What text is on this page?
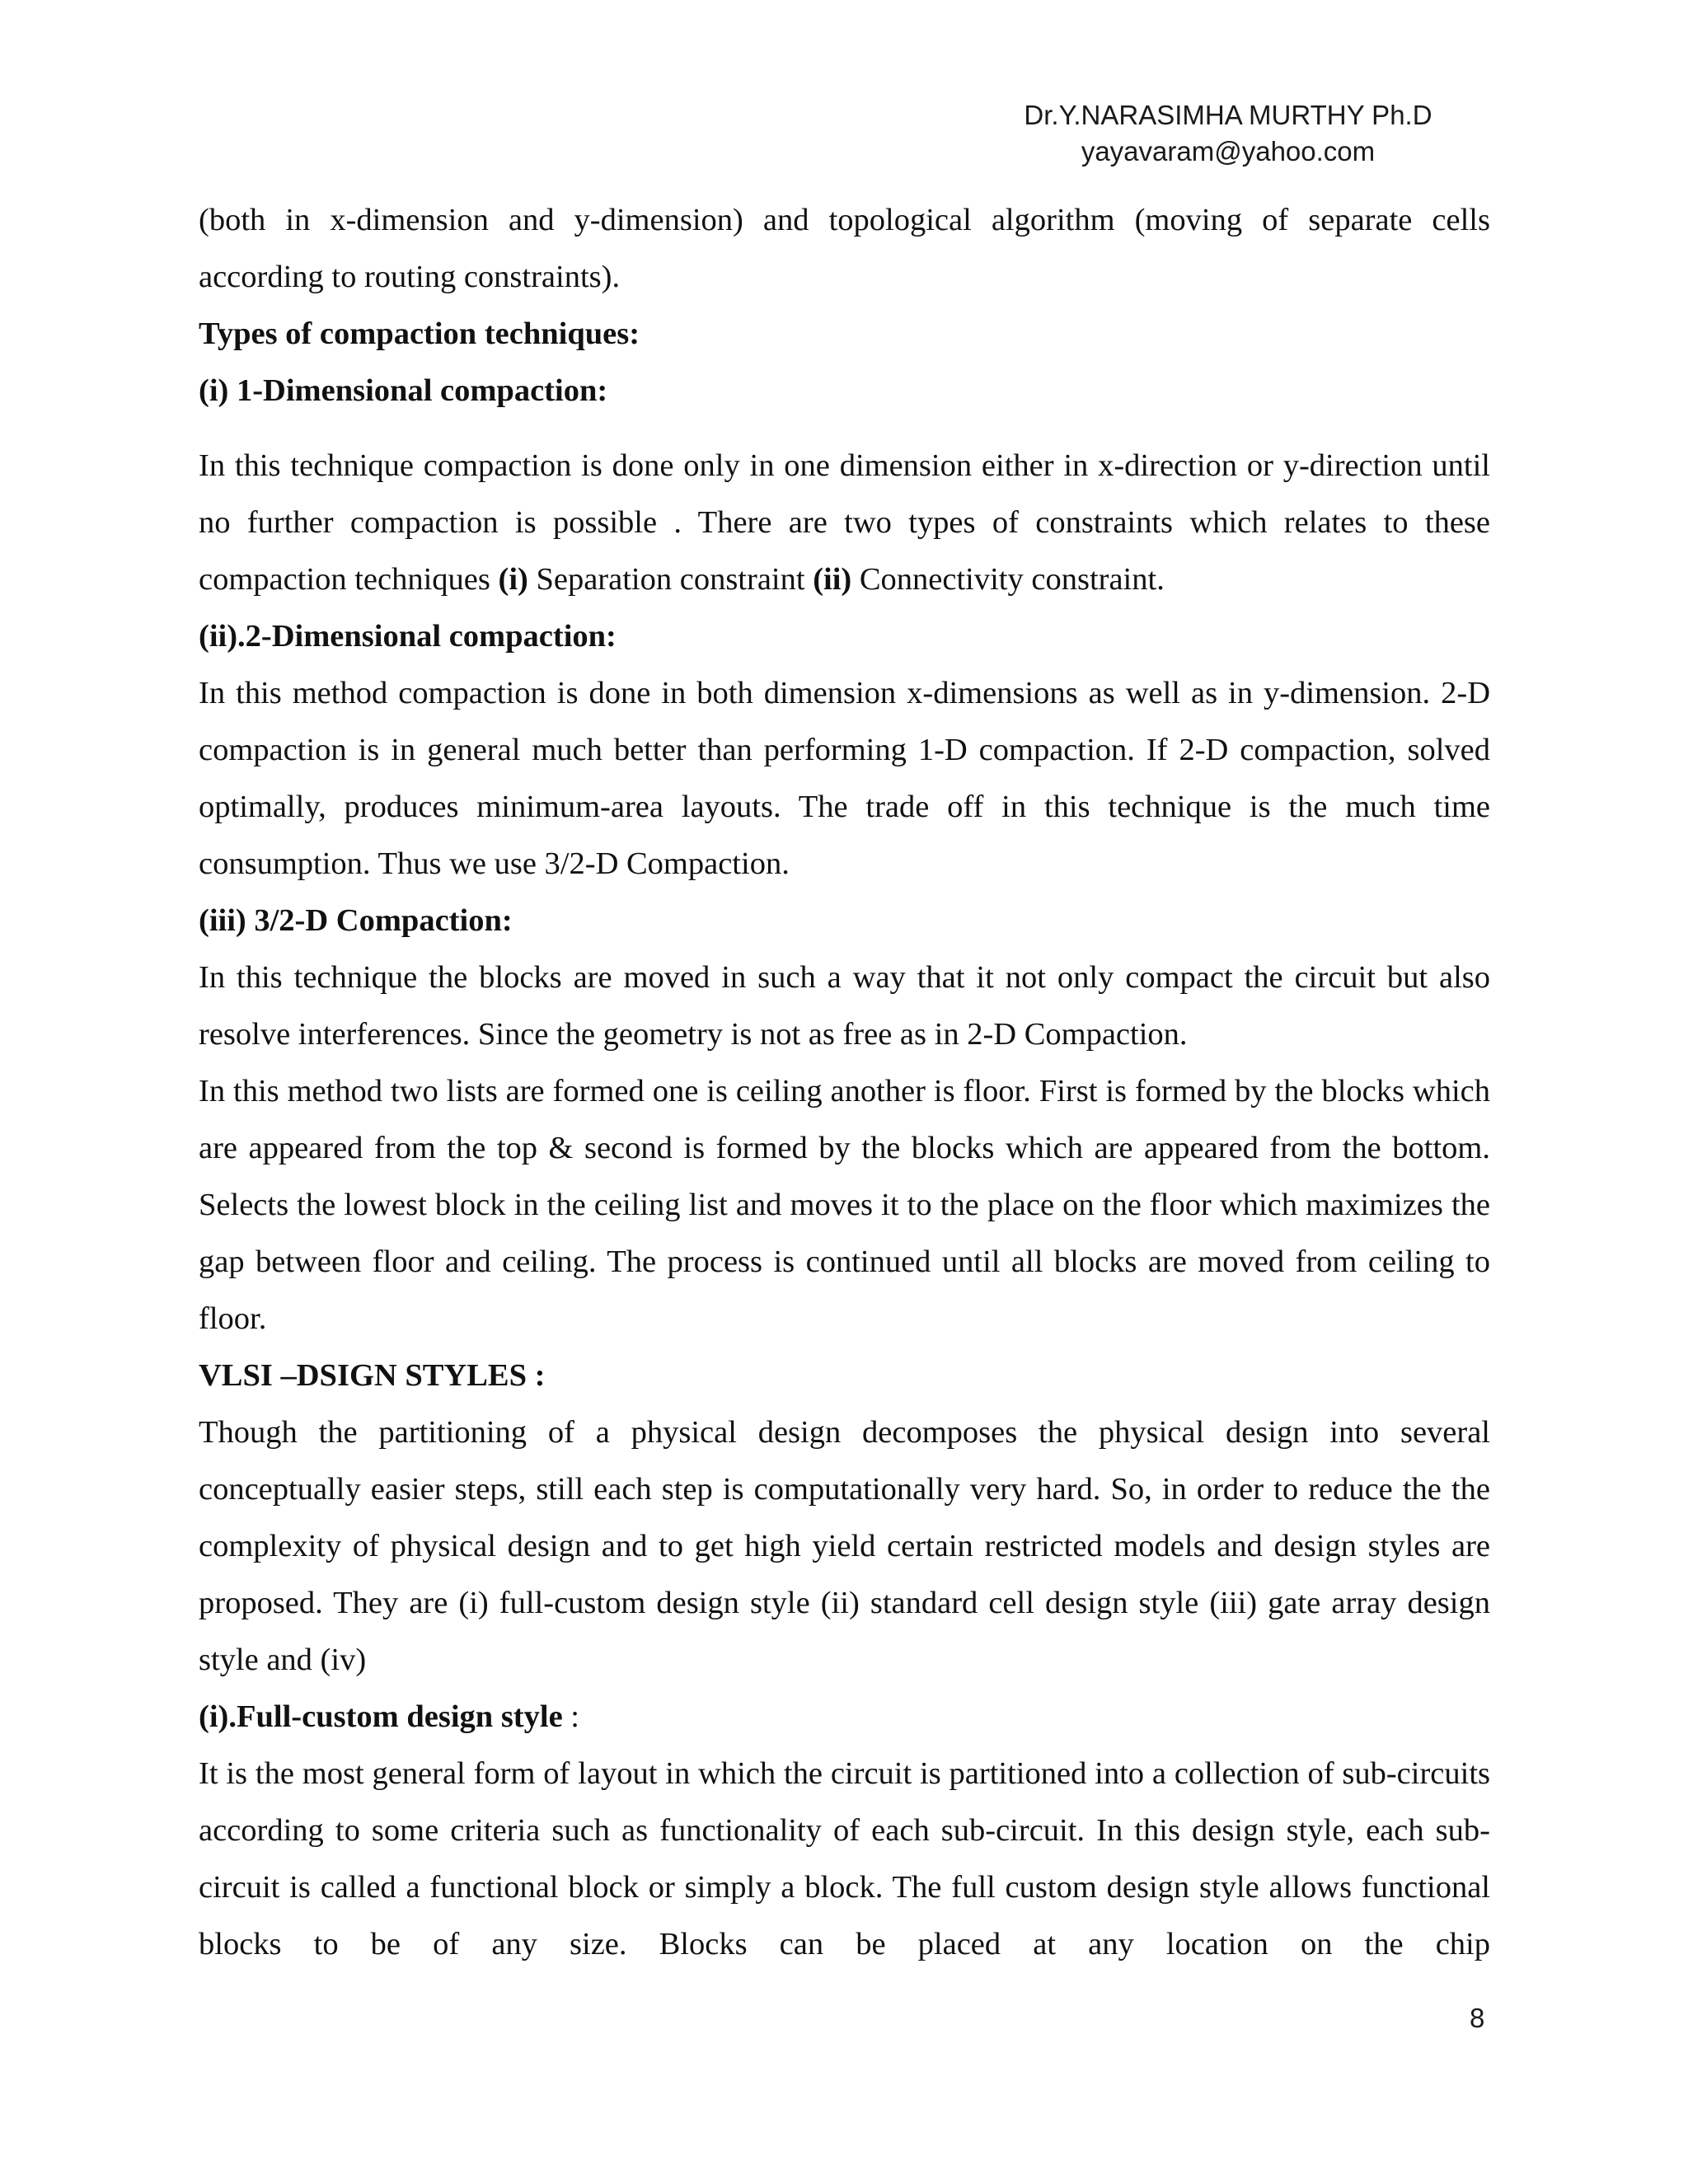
Dr.Y.NARASIMHA MURTHY Ph.D
yayavaram@yahoo.com

(both in x-dimension and y-dimension) and topological algorithm (moving of separate cells according to routing constraints).

Types of compaction techniques:
(i) 1-Dimensional compaction:

In this technique compaction is done only in one dimension either in x-direction or y-direction until no further compaction is possible . There are two types of constraints which relates to these compaction techniques (i) Separation constraint (ii) Connectivity constraint.

(ii).2-Dimensional compaction:

In this method compaction is done in both dimension x-dimensions as well as in y-dimension. 2-D compaction is in general much better than performing 1-D compaction. If 2-D compaction, solved optimally, produces minimum-area layouts. The trade off in this technique is the much time consumption. Thus we use 3/2-D Compaction.

(iii) 3/2-D Compaction:

In this technique the blocks are moved in such a way that it not only compact the circuit but also resolve interferences. Since the geometry is not as free as in 2-D Compaction.

In this method two lists are formed one is ceiling another is floor. First is formed by the blocks which are appeared from the top & second is formed by the blocks which are appeared from the bottom. Selects the lowest block in the ceiling list and moves it to the place on the floor which maximizes the gap between floor and ceiling. The process is continued until all blocks are moved from ceiling to floor.

VLSI –DSIGN STYLES :

Though the partitioning of a physical design decomposes the physical design into several conceptually easier steps, still each step is computationally very hard. So, in order to reduce the the complexity of physical design and to get high yield certain restricted models and design styles are proposed. They are (i) full-custom design style (ii) standard cell design style (iii) gate array design style and (iv)

(i).Full-custom design style :

It is the most general form of layout in which the circuit is partitioned into a collection of sub-circuits according to some criteria such as functionality of each sub-circuit. In this design style, each sub-circuit is called a functional block or simply a block. The full custom design style allows functional blocks to be of any size. Blocks can be placed at any location on the chip

8
